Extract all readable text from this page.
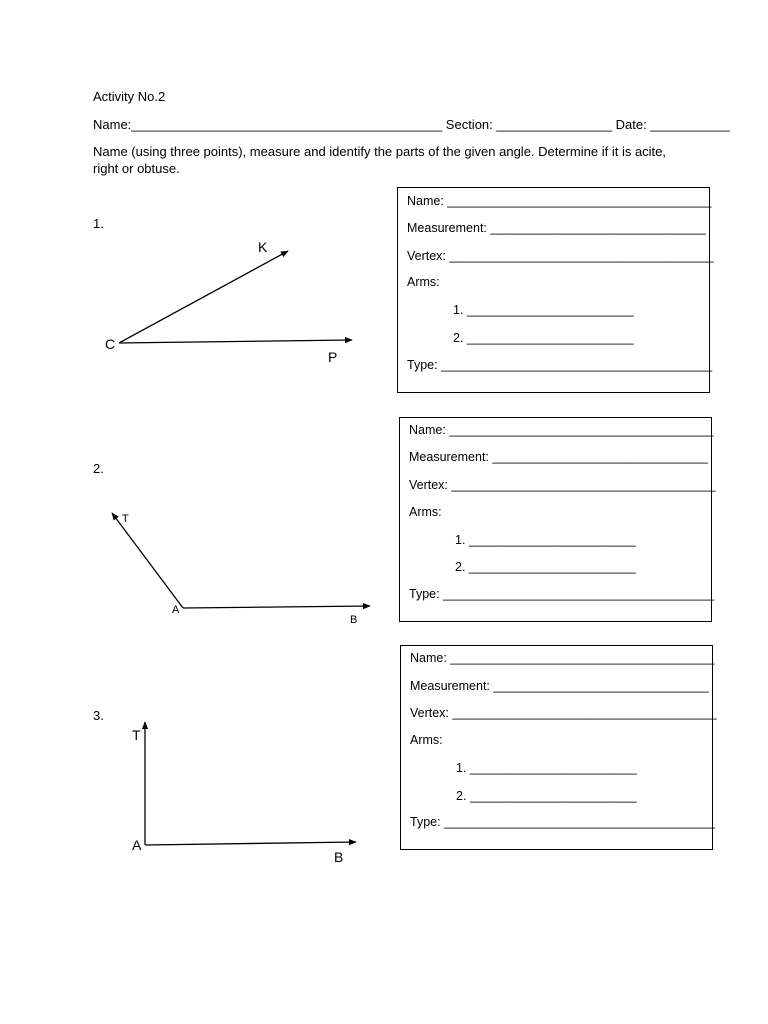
Activity No.2
Name:___________________________________________ Section: ________________ Date: ___________
Name (using three points), measure and identify the parts of the given angle. Determine if it is acite,
right or obtuse.
K
C
P
T
A
B
T
A
B
1.
2.
3.
Name: ______________________________________
Measurement: _______________________________
Vertex: ______________________________________
Arms:
1. ________________________
2. ________________________
Type: _______________________________________
Name: ______________________________________
Measurement: _______________________________
Vertex: ______________________________________
Arms:
1. ________________________
2. ________________________
Type: _______________________________________
Name: ______________________________________
Measurement: _______________________________
Vertex: ______________________________________
Arms:
1. ________________________
2. ________________________
Type: _______________________________________
